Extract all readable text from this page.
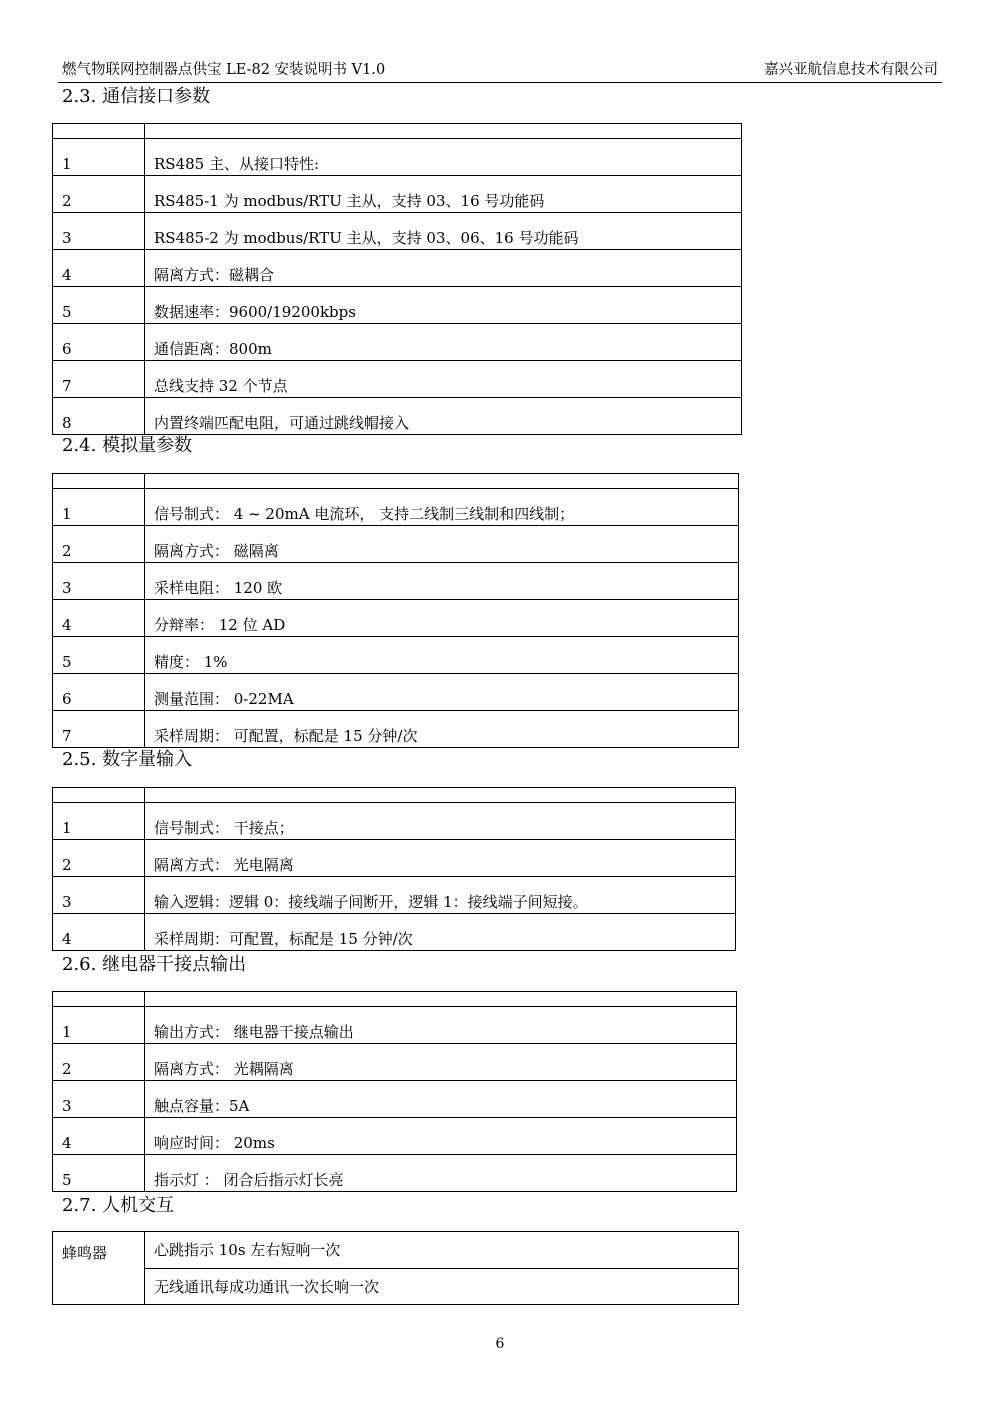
燃气物联网控制器点供宝 LE-82 安装说明书 V1.0	嘉兴亚航信息技术有限公司
2.3. 通信接口参数

1	RS485 主、从接口特性:
2	RS485-1 为 modbus/RTU 主从，支持 03、16 号功能码
3	RS485-2 为 modbus/RTU 主从，支持 03、06、16 号功能码
4	隔离方式：磁耦合
5	数据速率：9600/19200kbps
6	通信距离：800m
7	总线支持 32 个节点
8	内置终端匹配电阻，可通过跳线帽接入
2.4. 模拟量参数

1	信号制式： 4 ~ 20mA 电流环， 支持二线制三线制和四线制；
2	隔离方式： 磁隔离
3	采样电阻： 120 欧
4	分辩率： 12 位 AD
5	精度： 1%
6	测量范围： 0-22MA
7	采样周期： 可配置，标配是 15 分钟/次
2.5. 数字量输入

1	信号制式： 干接点；
2	隔离方式： 光电隔离
3	输入逻辑：逻辑 0：接线端子间断开，逻辑 1：接线端子间短接。
4	采样周期：可配置，标配是 15 分钟/次
2.6. 继电器干接点输出

1	输出方式： 继电器干接点输出
2	隔离方式： 光耦隔离
3	触点容量：5A
4	响应时间： 20ms
5	指示灯 ： 闭合后指示灯长亮
2.7. 人机交互
蜂鸣器	心跳指示 10s 左右短响一次
无线通讯每成功通讯一次长响一次
6
